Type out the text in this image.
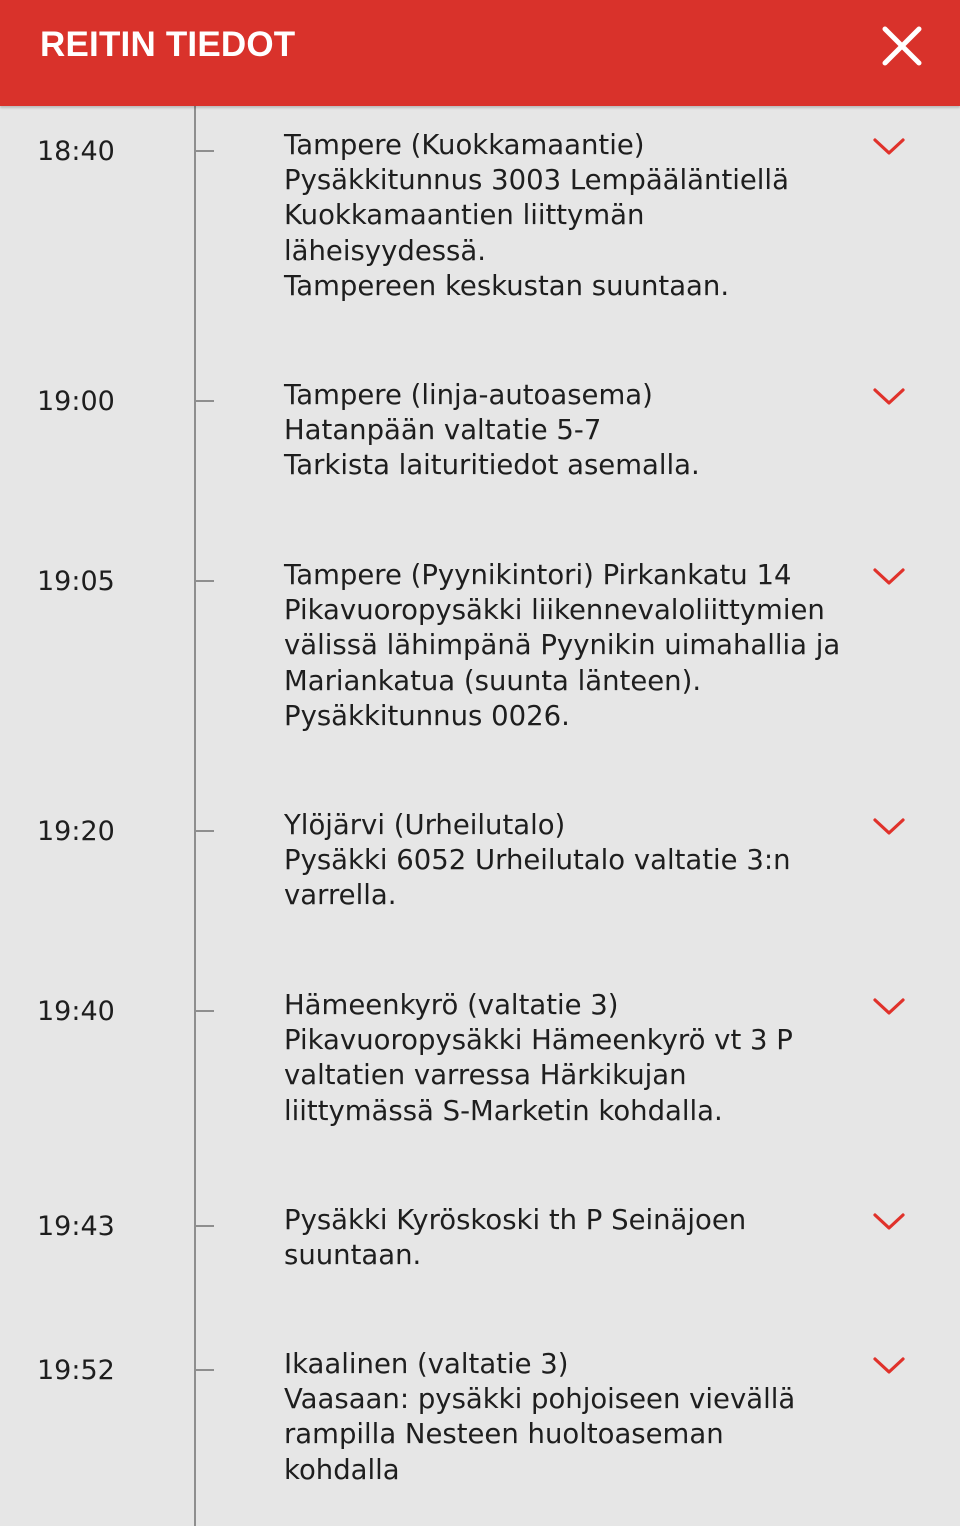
REITIN TIEDOT
18:40	Tampere (Kuokkamaantie)
Pysäkkitunnus 3003 Lempääläntiellä
Kuokkamaantien liittymän
läheisyydessä.
Tampereen keskustan suuntaan.
19:00	Tampere (linja-autoasema)
Hatanpään valtatie 5-7
Tarkista laituritiedot asemalla.
19:05	Tampere (Pyynikintori) Pirkankatu 14
Pikavuoropysäkki liikennevaloliittymien
välissä lähimpänä Pyynikin uimahallia ja
Mariankatua (suunta länteen).
Pysäkkitunnus 0026.
19:20	Ylöjärvi (Urheilutalo)
Pysäkki 6052 Urheilutalo valtatie 3:n
varrella.
19:40	Hämeenkyrö (valtatie 3)
Pikavuoropysäkki Hämeenkyrö vt 3 P
valtatien varressa Härkikujan
liittymässä S-Marketin kohdalla.
19:43	Pysäkki Kyröskoski th P Seinäjoen
suuntaan.
19:52	Ikaalinen (valtatie 3)
Vaasaan: pysäkki pohjoiseen vievällä
rampilla Nesteen huoltoaseman
kohdalla
